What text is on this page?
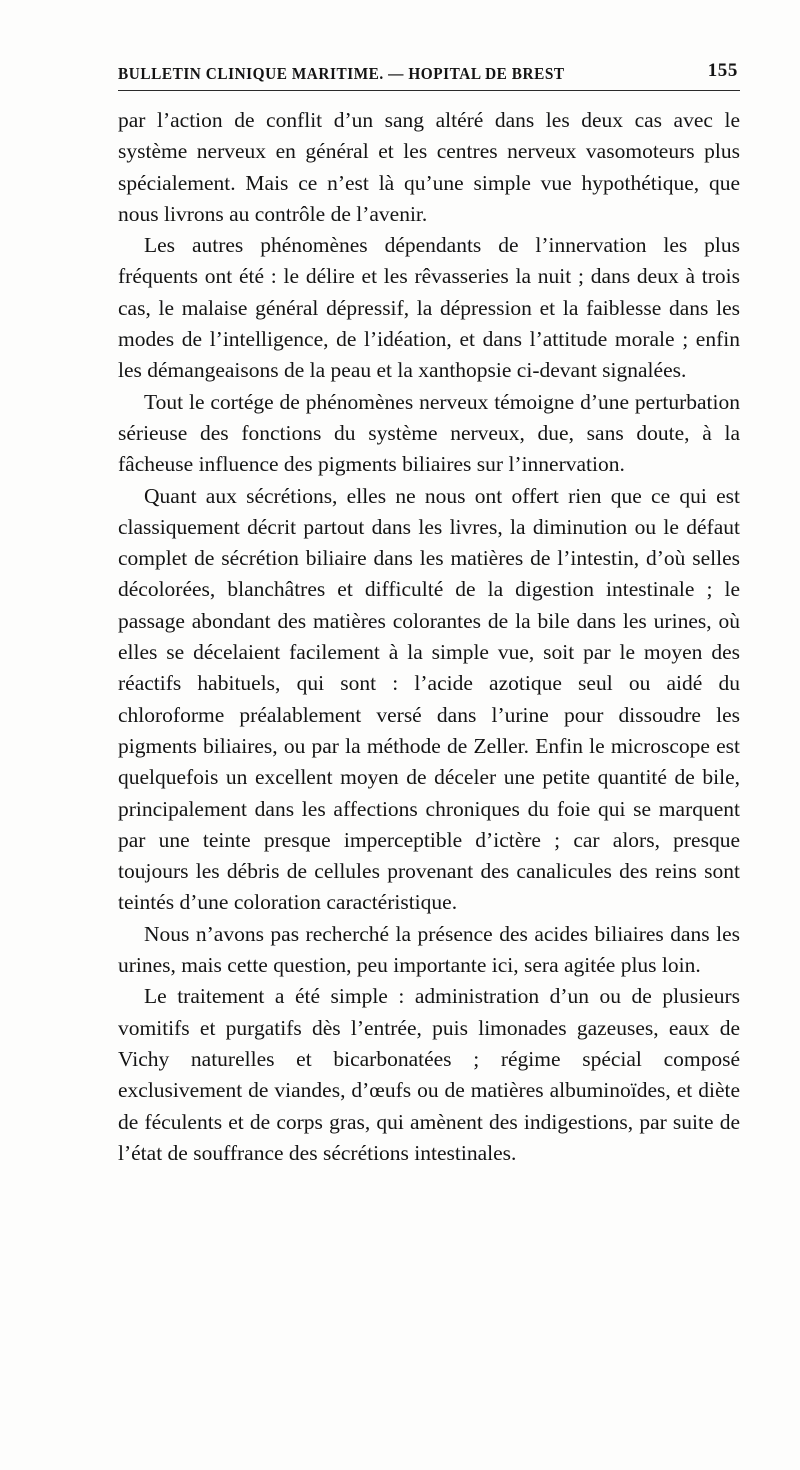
BULLETIN CLINIQUE MARITIME. — HOPITAL DE BREST	155

par l’action de conflit d’un sang altéré dans les deux cas avec le système nerveux en général et les centres nerveux vasomoteurs plus spécialement. Mais ce n’est là qu’une simple vue hypothétique, que nous livrons au contrôle de l’avenir.

Les autres phénomènes dépendants de l’innervation les plus fréquents ont été : le délire et les rêvasseries la nuit ; dans deux à trois cas, le malaise général dépressif, la dépression et la faiblesse dans les modes de l’intelligence, de l’idéation, et dans l’attitude morale ; enfin les démangeaisons de la peau et la xanthopsie ci-devant signalées.

Tout le cortége de phénomènes nerveux témoigne d’une perturbation sérieuse des fonctions du système nerveux, due, sans doute, à la fâcheuse influence des pigments biliaires sur l’innervation.

Quant aux sécrétions, elles ne nous ont offert rien que ce qui est classiquement décrit partout dans les livres, la diminution ou le défaut complet de sécrétion biliaire dans les matières de l’intestin, d’où selles décolorées, blanchâtres et difficulté de la digestion intestinale ; le passage abondant des matières colorantes de la bile dans les urines, où elles se décelaient facilement à la simple vue, soit par le moyen des réactifs habituels, qui sont : l’acide azotique seul ou aidé du chloroforme préalablement versé dans l’urine pour dissoudre les pigments biliaires, ou par la méthode de Zeller. Enfin le microscope est quelquefois un excellent moyen de déceler une petite quantité de bile, principalement dans les affections chroniques du foie qui se marquent par une teinte presque imperceptible d’ictère ; car alors, presque toujours les débris de cellules provenant des canalicules des reins sont teintés d’une coloration caractéristique.

Nous n’avons pas recherché la présence des acides biliaires dans les urines, mais cette question, peu importante ici, sera agitée plus loin.

Le traitement a été simple : administration d’un ou de plusieurs vomitifs et purgatifs dès l’entrée, puis limonades gazeuses, eaux de Vichy naturelles et bicarbonatées ; régime spécial composé exclusivement de viandes, d’œufs ou de matières albuminoïdes, et diète de féculents et de corps gras, qui amènent des indigestions, par suite de l’état de souffrance des sécrétions intestinales.
